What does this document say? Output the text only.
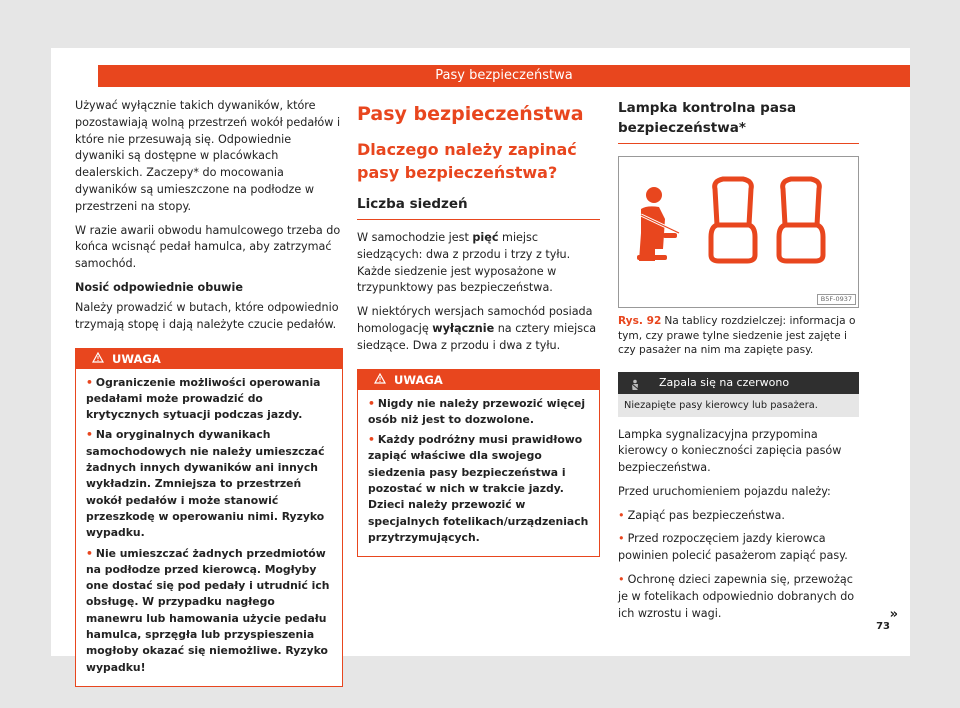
Pasy bezpieczeństwa

Używać wyłącznie takich dywaników, które pozostawiają wolną przestrzeń wokół pedałów i które nie przesuwają się. Odpowiednie dywaniki są dostępne w placówkach dealerskich. Zaczepy* do mocowania dywaników są umieszczone na podłodze w przestrzeni na stopy.

W razie awarii obwodu hamulcowego trzeba do końca wcisnąć pedał hamulca, aby zatrzymać samochód.

Nosić odpowiednie obuwie

Należy prowadzić w butach, które odpowiednio trzymają stopę i dają należyte czucie pedałów.

UWAGA

• Ograniczenie możliwości operowania pedałami może prowadzić do krytycznych sytuacji podczas jazdy.

• Na oryginalnych dywanikach samochodowych nie należy umieszczać żadnych innych dywaników ani innych wykładzin. Zmniejsza to przestrzeń wokół pedałów i może stanowić przeszkodę w operowaniu nimi. Ryzyko wypadku.

• Nie umieszczać żadnych przedmiotów na podłodze przed kierowcą. Mogłyby one dostać się pod pedały i utrudnić ich obsługę. W przypadku nagłego manewru lub hamowania użycie pedału hamulca, sprzęgła lub przyspieszenia mogłoby okazać się niemożliwe. Ryzyko wypadku!

Pasy bezpieczeństwa
Dlaczego należy zapinać pasy bezpieczeństwa?
Liczba siedzeń

W samochodzie jest pięć miejsc siedzących: dwa z przodu i trzy z tyłu. Każde siedzenie jest wyposażone w trzypunktowy pas bezpieczeństwa.

W niektórych wersjach samochód posiada homologację wyłącznie na cztery miejsca siedzące. Dwa z przodu i dwa z tyłu.

UWAGA

• Nigdy nie należy przewozić więcej osób niż jest to dozwolone.

• Każdy podróżny musi prawidłowo zapiąć właściwe dla swojego siedzenia pasy bezpieczeństwa i pozostać w nich w trakcie jazdy. Dzieci należy przewozić w specjalnych fotelikach/urządzeniach przytrzymujących.

Lampka kontrolna pasa bezpieczeństwa*
B5F-0937
Rys. 92 Na tablicy rozdzielczej: informacja o tym, czy prawe tylne siedzenie jest zajęte i czy pasażer na nim ma zapięte pasy.
Zapala się na czerwono
Niezapięte pasy kierowcy lub pasażera.

Lampka sygnalizacyjna przypomina kierowcy o konieczności zapięcia pasów bezpieczeństwa.

Przed uruchomieniem pojazdu należy:

• Zapiąć pas bezpieczeństwa.

• Przed rozpoczęciem jazdy kierowca powinien polecić pasażerom zapiąć pasy.

• Ochronę dzieci zapewnia się, przewożąc je w fotelikach odpowiednio dobranych do ich wzrostu i wagi.	»
73
